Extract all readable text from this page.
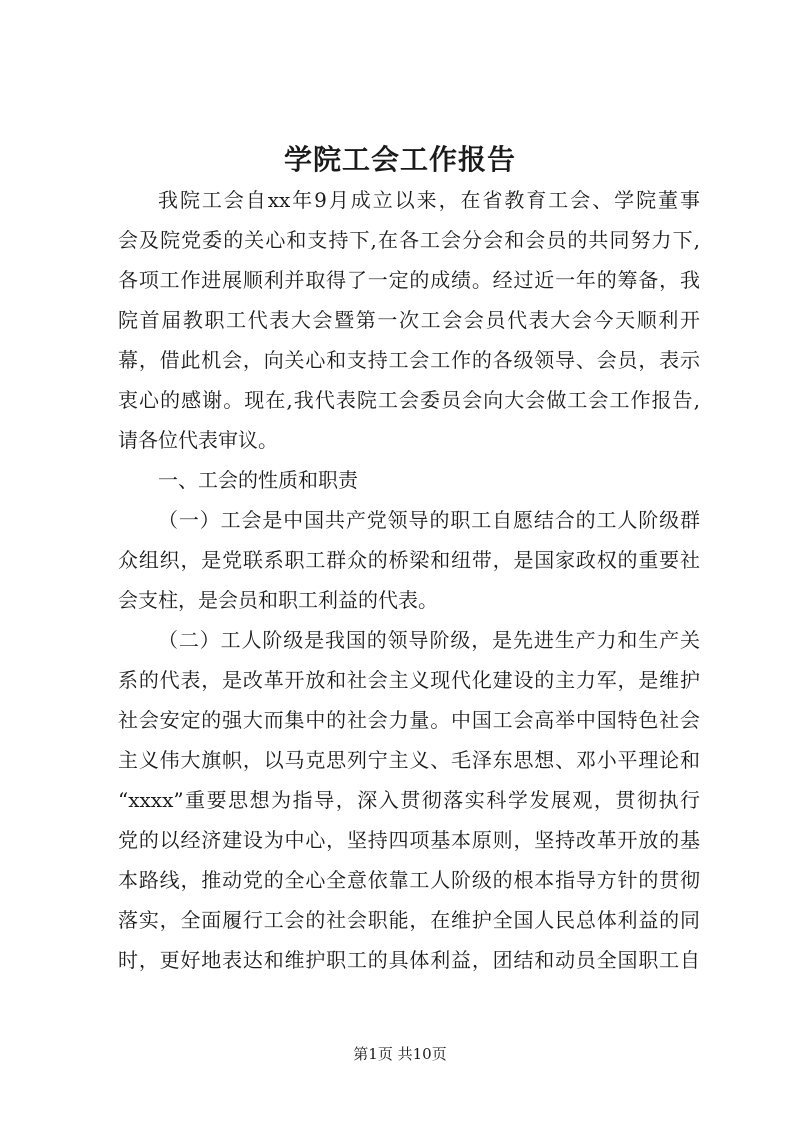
学院工会工作报告
我院工会自xx年9月成立以来，在省教育工会、学院董事
会及院党委的关心和支持下,在各工会分会和会员的共同努力下,
各项工作进展顺利并取得了一定的成绩。经过近一年的筹备，我
院首届教职工代表大会暨第一次工会会员代表大会今天顺利开
幕，借此机会，向关心和支持工会工作的各级领导、会员，表示
衷心的感谢。现在,我代表院工会委员会向大会做工会工作报告,
请各位代表审议。
一、工会的性质和职责
（一）工会是中国共产党领导的职工自愿结合的工人阶级群
众组织，是党联系职工群众的桥梁和纽带，是国家政权的重要社
会支柱，是会员和职工利益的代表。
（二）工人阶级是我国的领导阶级，是先进生产力和生产关
系的代表，是改革开放和社会主义现代化建设的主力军，是维护
社会安定的强大而集中的社会力量。中国工会高举中国特色社会
主义伟大旗帜，以马克思列宁主义、毛泽东思想、邓小平理论和
“xxxx”重要思想为指导，深入贯彻落实科学发展观，贯彻执行
党的以经济建设为中心，坚持四项基本原则，坚持改革开放的基
本路线，推动党的全心全意依靠工人阶级的根本指导方针的贯彻
落实，全面履行工会的社会职能，在维护全国人民总体利益的同
时，更好地表达和维护职工的具体利益，团结和动员全国职工自
第1页 共10页
